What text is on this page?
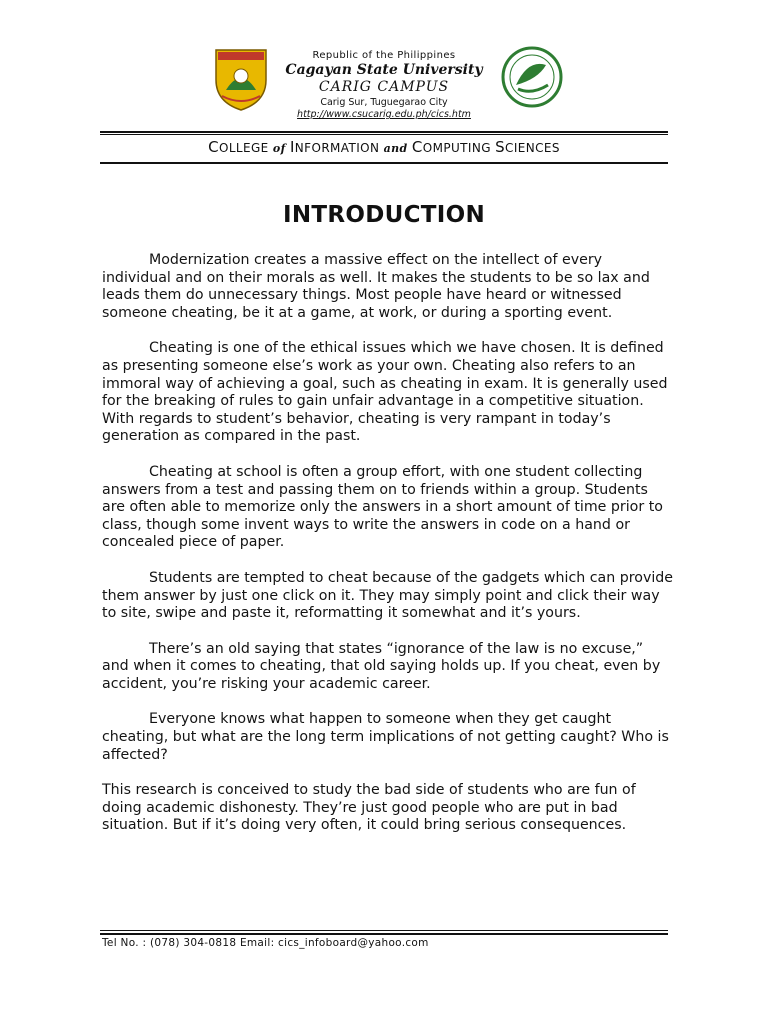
Republic of the Philippines
Cagayan State University
CARIG CAMPUS
Carig Sur, Tuguegarao City
http://www.csucarig.edu.ph/cics.htm
COLLEGE of INFORMATION and COMPUTING SCIENCES
INTRODUCTION

Modernization creates a massive effect on the intellect of every individual and on their morals as well. It makes the students to be so lax and leads them do unnecessary things. Most people have heard or witnessed someone cheating, be it at a game, at work, or during a sporting event.

Cheating is one of the ethical issues which we have chosen. It is defined as presenting someone else’s work as your own. Cheating also refers to an immoral way of achieving a goal, such as cheating in exam. It is generally used for the breaking of rules to gain unfair advantage in a competitive situation. With regards to student’s behavior, cheating is very rampant in today’s generation as compared in the past.

Cheating at school is often a group effort, with one student collecting answers from a test and passing them on to friends within a group. Students are often able to memorize only the answers in a short amount of time prior to class, though some invent ways to write the answers in code on a hand or concealed piece of paper.

Students are tempted to cheat because of the gadgets which can provide them answer by just one click on it. They may simply point and click their way to site, swipe and paste it, reformatting it somewhat and it’s yours.

There’s an old saying that states “ignorance of the law is no excuse,” and when it comes to cheating, that old saying holds up. If you cheat, even by accident, you’re risking your academic career.

Everyone knows what happen to someone when they get caught cheating, but what are the long term implications of not getting caught? Who is affected?

This research is conceived to study the bad side of students who are fun of doing academic dishonesty. They’re just good people who are put in bad situation. But if it’s doing very often, it could bring serious consequences.

Tel No. : (078) 304-0818 Email: cics_infoboard@yahoo.com
